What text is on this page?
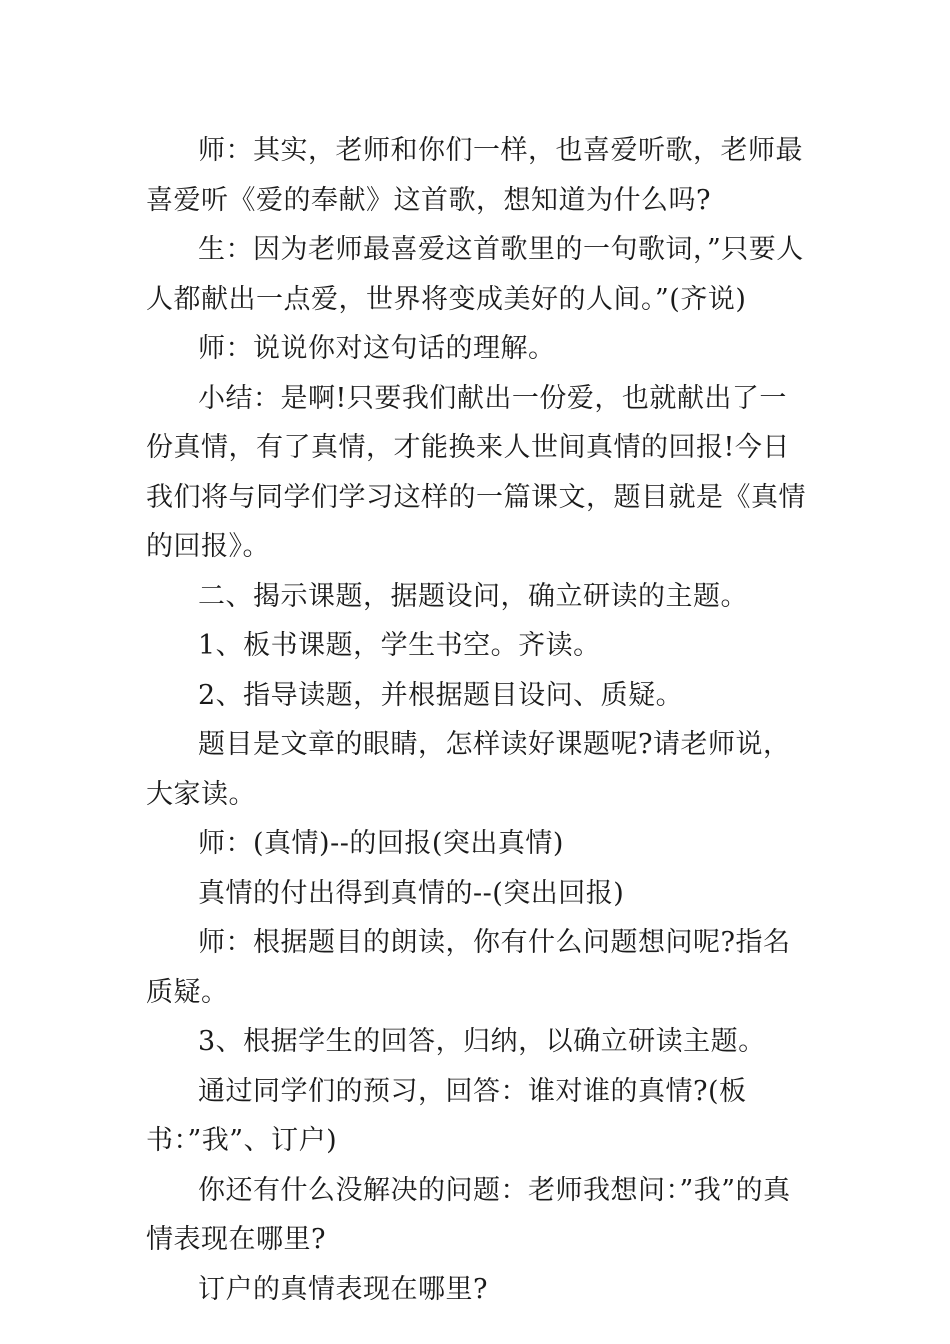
师：其实，老师和你们一样，也喜爱听歌，老师最喜爱听《爱的奉献》这首歌，想知道为什么吗?

生：因为老师最喜爱这首歌里的一句歌词，”只要人人都献出一点爱，世界将变成美好的人间。”(齐说)

师：说说你对这句话的理解。

小结：是啊!只要我们献出一份爱，也就献出了一份真情，有了真情，才能换来人世间真情的回报!今日我们将与同学们学习这样的一篇课文，题目就是《真情的回报》。

二、揭示课题，据题设问，确立研读的主题。

1、板书课题，学生书空。齐读。

2、指导读题，并根据题目设问、质疑。

题目是文章的眼睛，怎样读好课题呢?请老师说，大家读。

师：(真情)--的回报(突出真情)

真情的付出得到真情的--(突出回报)

师：根据题目的朗读，你有什么问题想问呢?指名质疑。

3、根据学生的回答，归纳，以确立研读主题。

通过同学们的预习，回答：谁对谁的真情?(板书：”我”、订户)

你还有什么没解决的问题：老师我想问：”我”的真情表现在哪里?

订户的真情表现在哪里?
